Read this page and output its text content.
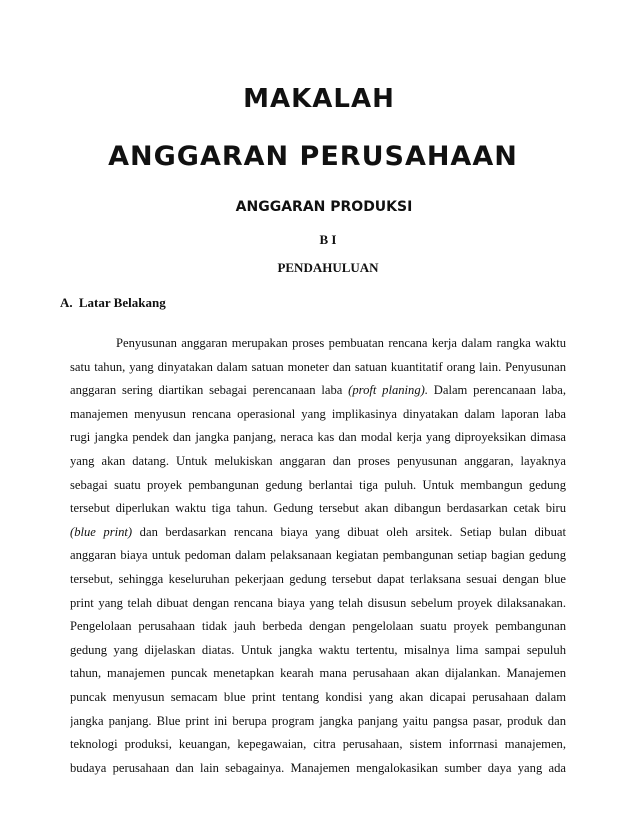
MAKALAH
ANGGARAN PERUSAHAAN
ANGGARAN PRODUKSI
B I
PENDAHULUAN
A. Latar Belakang
Penyusunan anggaran merupakan proses pembuatan rencana kerja dalam rangka waktu
satu tahun, yang dinyatakan dalam satuan moneter dan satuan kuantitatif orang lain. Penyusunan
anggaran sering diartikan sebagai perencanaan laba (proft planing). Dalam perencanaan laba,
manajemen menyusun rencana operasional yang implikasinya dinyatakan dalam laporan laba
rugi jangka pendek dan jangka panjang, neraca kas dan modal kerja yang diproyeksikan dimasa
yang akan datang. Untuk melukiskan anggaran dan proses penyusunan anggaran, layaknya
sebagai suatu proyek pembangunan gedung berlantai tiga puluh. Untuk membangun gedung
tersebut diperlukan waktu tiga tahun. Gedung tersebut akan dibangun berdasarkan cetak biru
(blue print) dan berdasarkan rencana biaya yang dibuat oleh arsitek. Setiap bulan dibuat
anggaran biaya untuk pedoman dalam pelaksanaan kegiatan pembangunan setiap bagian gedung
tersebut, sehingga keseluruhan pekerjaan gedung tersebut dapat terlaksana sesuai dengan blue
print yang telah dibuat dengan rencana biaya yang telah disusun sebelum proyek dilaksanakan.
Pengelolaan perusahaan tidak jauh berbeda dengan pengelolaan suatu proyek pembangunan
gedung yang dijelaskan diatas. Untuk jangka waktu tertentu, misalnya lima sampai sepuluh
tahun, manajemen puncak menetapkan kearah mana perusahaan akan dijalankan. Manajemen
puncak menyusun semacam blue print tentang kondisi yang akan dicapai perusahaan dalam
jangka panjang. Blue print ini berupa program jangka panjang yaitu pangsa pasar, produk dan
teknologi produksi, keuangan, kepegawaian, citra perusahaan, sistem inforrnasi manajemen,
budaya perusahaan dan lain sebagainya. Manajemen mengalokasikan sumber daya yang ada
